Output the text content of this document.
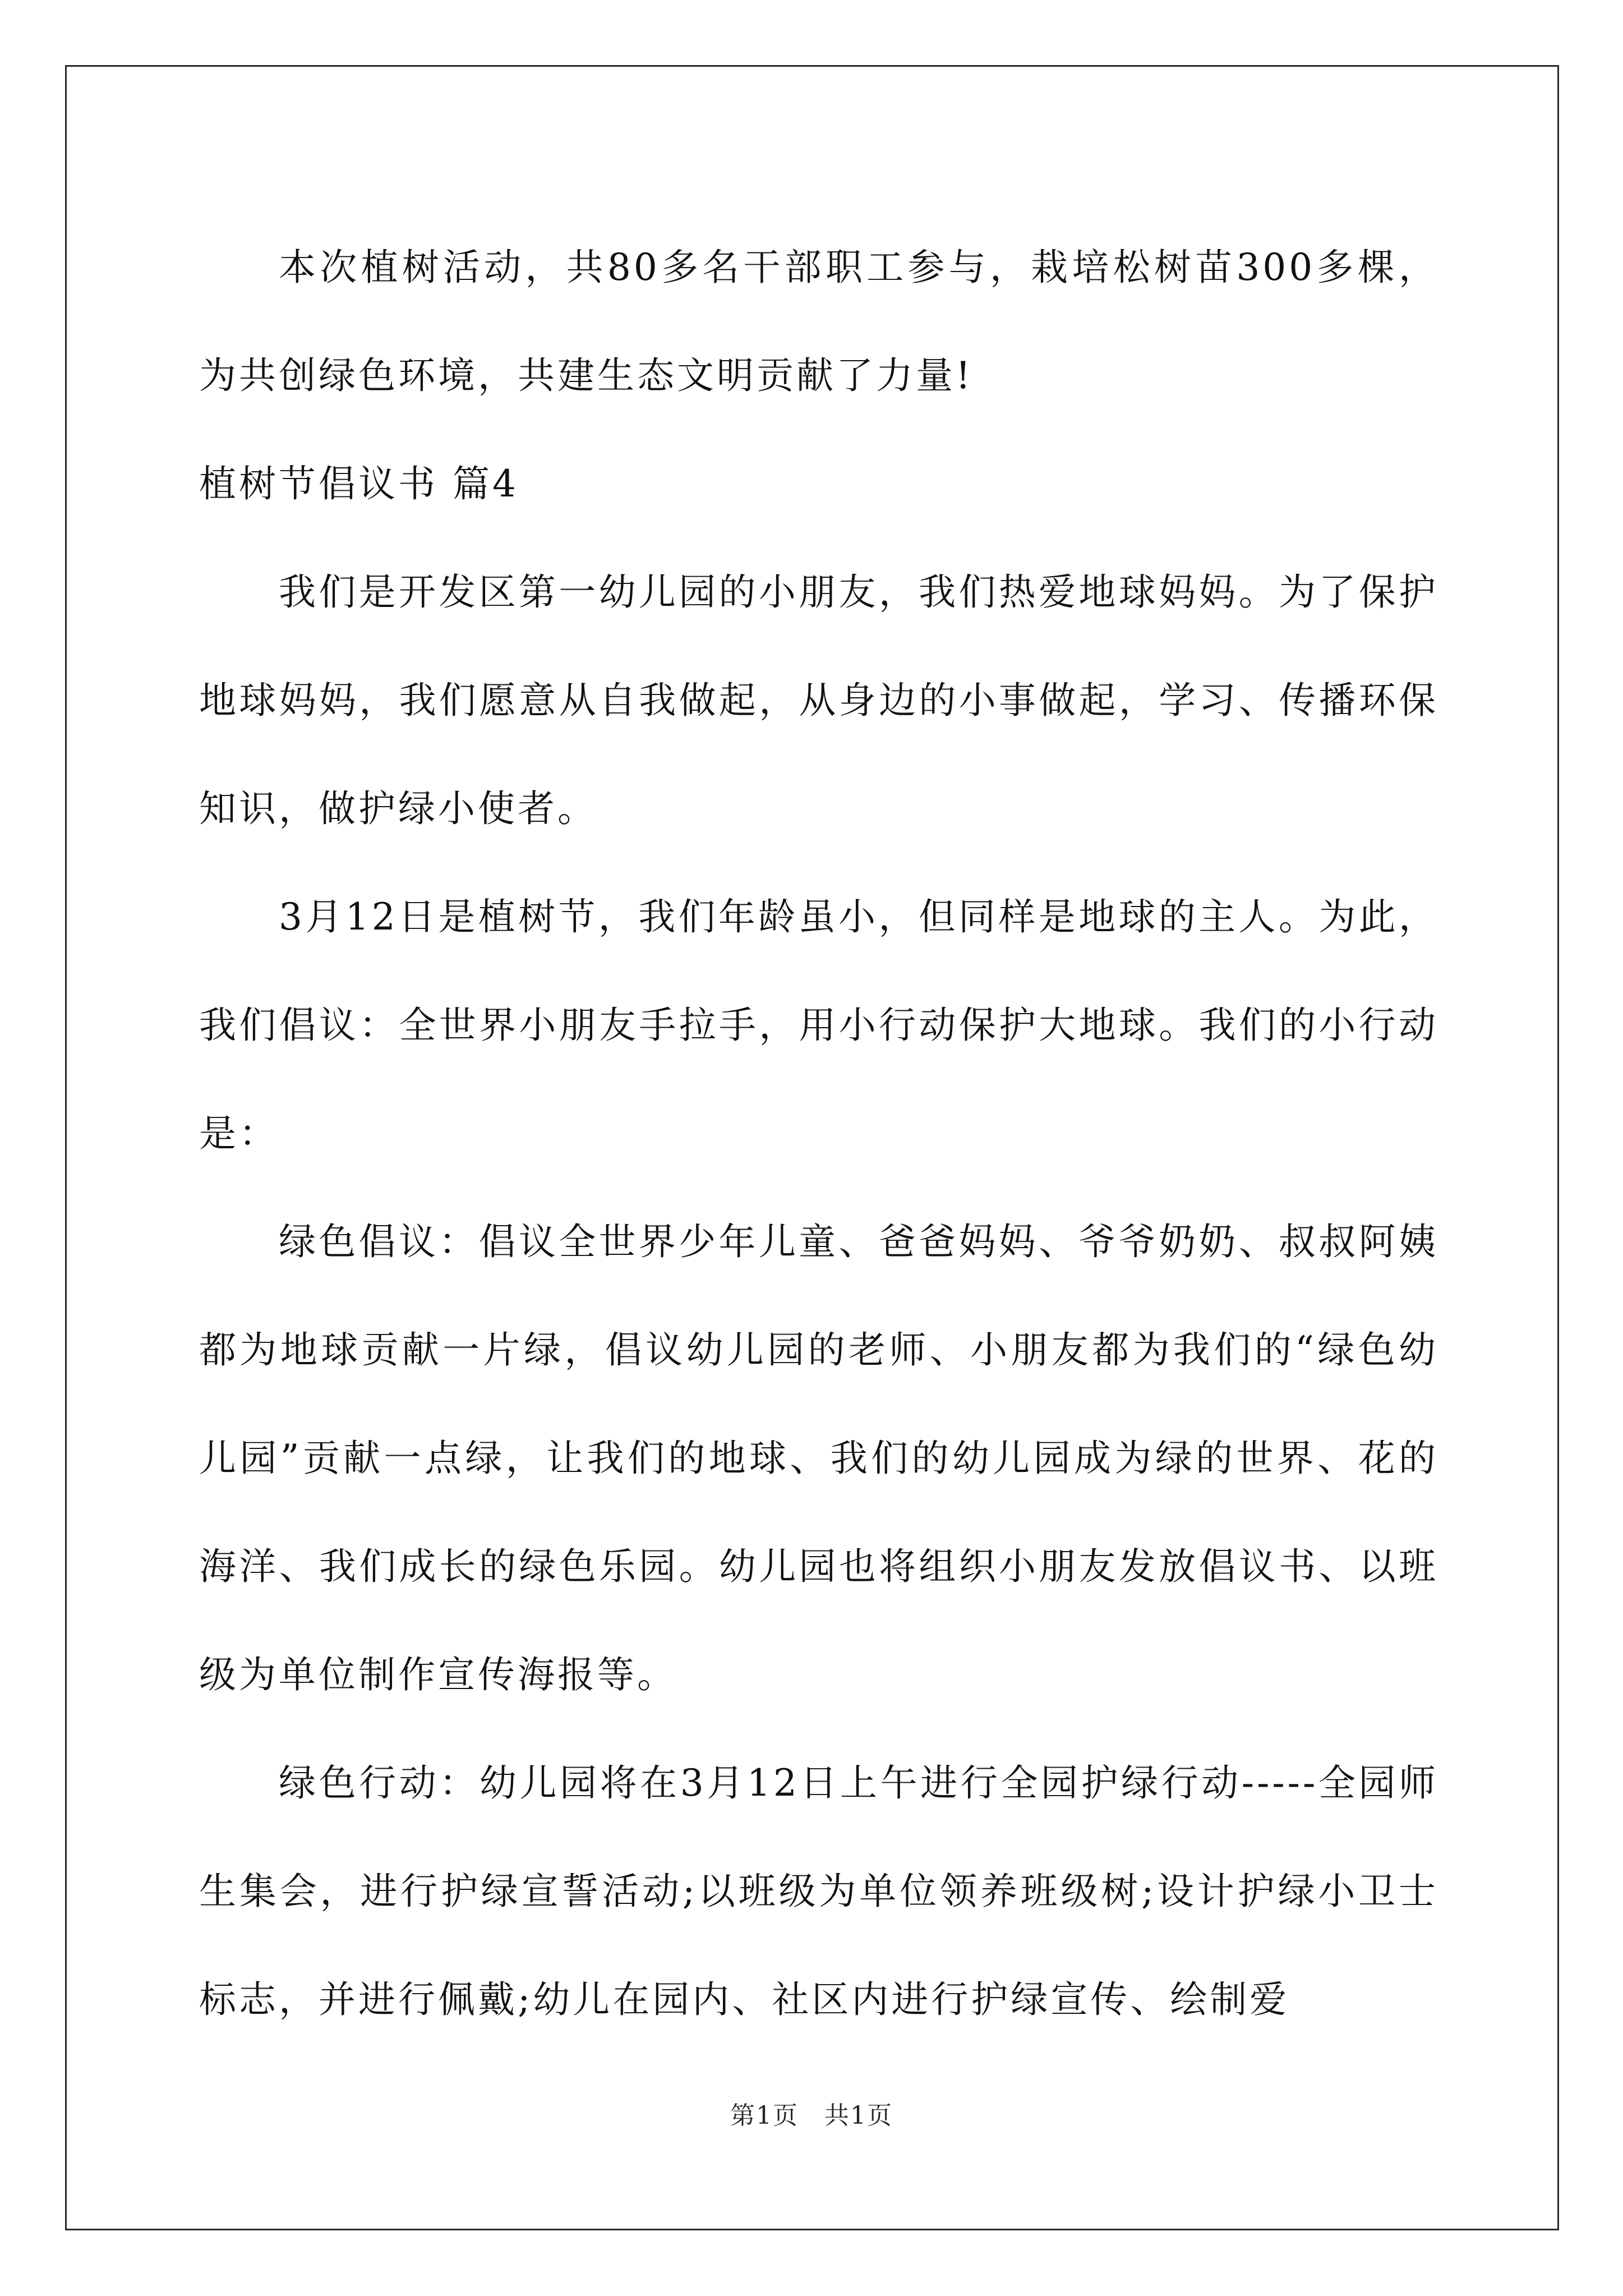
本次植树活动，共80多名干部职工参与，栽培松树苗300多棵，为共创绿色环境，共建生态文明贡献了力量!

植树节倡议书 篇4

我们是开发区第一幼儿园的小朋友，我们热爱地球妈妈。为了保护地球妈妈，我们愿意从自我做起，从身边的小事做起，学习、传播环保知识，做护绿小使者。

3月12日是植树节，我们年龄虽小，但同样是地球的主人。为此，我们倡议：全世界小朋友手拉手，用小行动保护大地球。我们的小行动是：

绿色倡议：倡议全世界少年儿童、爸爸妈妈、爷爷奶奶、叔叔阿姨都为地球贡献一片绿，倡议幼儿园的老师、小朋友都为我们的“绿色幼儿园”贡献一点绿，让我们的地球、我们的幼儿园成为绿的世界、花的海洋、我们成长的绿色乐园。幼儿园也将组织小朋友发放倡议书、以班级为单位制作宣传海报等。

绿色行动：幼儿园将在3月12日上午进行全园护绿行动-----全园师生集会，进行护绿宣誓活动;以班级为单位领养班级树;设计护绿小卫士标志，并进行佩戴;幼儿在园内、社区内进行护绿宣传、绘制爱

第1页　共1页
